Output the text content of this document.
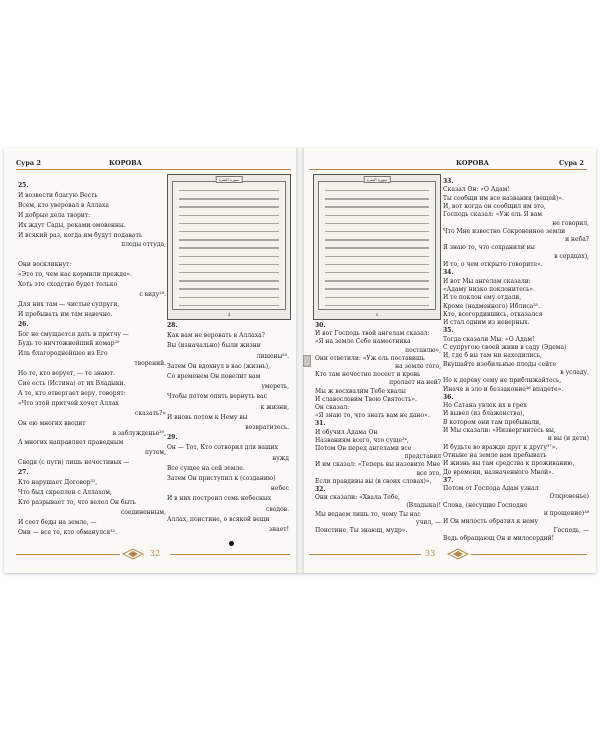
Сура 2	КОРОВА
سورة البقرة
4
25.
И возвести благую Весть
Всем, кто уверовал в Аллаха
И добрые дела творит:
Их ждут Сады, реками омовенны.
И всякий раз, когда им будут подавать
плоды оттуда,
Они воскликнут:
«Это то, чем нас кормили прежде».
Хоть это сходство будет только
с виду²⁸.
Для них там — чистые супруги,
И пребывать им там навечно.
26.
Бог не смущается дать в притчу —
Будь то ничтожнейший комар²⁹
Иль благороднейшее из Его
творений.
Но те, кто верует, — те знают.
Сие есть (Истина) от их Владыки.
А те, кто отвергает веру, говорят:
«Что этой притчей хочет Аллах
сказать?»
Он ею многих вводит
в заблужденье³⁰,
А многих направляет праведным
путем,
Сводя (с пути) лишь нечестивых —
27.
Кто нарушает Договор³¹,
Что был скреплен с Аллахом,
Кто разрывает то, что велел Он быть
соединенным,
И сеет беды на земле, —
Они — все те, кто обманулся³².
28.
Как вам не веровать в Аллаха?
Вы (изначально) были жизни
лишены³³.
Затем Он вдохнул в вас (жизнь),
Со временем Он повелит вам
умереть,
Чтобы потом опять вернуть вас
к жизни,
И вновь потом к Нему вы
возвратитесь.
29.
Он — Тот, Кто сотворил для ваших
нужд
Все сущее на сей земле.
Затем Он приступил к (созданию)
небес
И в них построил семь небесных
сводов.
Аллах, поистине, о всякой вещи
знает!
32
КОРОВА	Сура 2
سورة البقرة
5
30.
И вот Господь твой ангелам сказал:
«Я на земле Себе наместника
поставлю»,
Они ответили: «Уж ель поставишь
на земле того,
Кто там нечестие посеет и кровь
пролает на ней?
Мы ж восхвалим Тебе хвалы
И славословим Твою Святость».
Он сказал:
«Я знаю то, что знать вам не дано».
31.
И обучил Адама Он
Названиям всего, что суще³⁴,
Потом Он перед ангелами все
представил
И им сказал: «Теперь вы назовите Мне
все это,
Если правдивы вы (в своих словах)».
32.
Они сказали: «Хвала Тебе,
(Владыка)!
Мы ведаем лишь то, чему Ты нас
учил, —
Поистине, Ты знающ, мудр».
33.
Сказал Он: «О Адам!
Ты сообщи им все названия (вещей)».
И, вот когда он сообщил им это,
Господь сказал: «Уж ель Я вам
не говорил,
Что Мне известно Сокровенное земли
и неба?
Я знаю то, что сохранили вы
в сердцах),
И то, о чем открыто говорите».
34.
И вот Мы ангелам сказали:
«Адаму низко поклонитесь».
И те поклон ему отдали,
Кроме (надменного) Иблиса³⁵.
Кто, всегордившись, отказался
И стал одним из неверных.
35.
Тогда сказали Мы: «О Адам!
С супругою своей живи в саду (Эдема)
И, где б вы там ни находились,
Вкушайте изобильные плоды сейте
в усладу,
Но к дереву сему не приближайтесь,
Иначе и зло и беззаконие³⁶ впадете».
36.
Но Сатана увлек их в грех
И вывел (из блаженства),
В котором они там пребывали,
И Мы сказали: «Низвергнитесь вы,
и вы (и дети)
И будьте во вражде друг к другу³⁷».
Отныне на земле вам пребывать
И жизнь вы там средства к проживанию,
До времени, назначенного Мной».
37.
Потом от Господа Адам узнал
Откровенье)
Слова, (несущие Господне
и прощение)³⁸
И Он милость обратил к нему
Господь, —
Ведь обращающ Он и милосердий!
33
